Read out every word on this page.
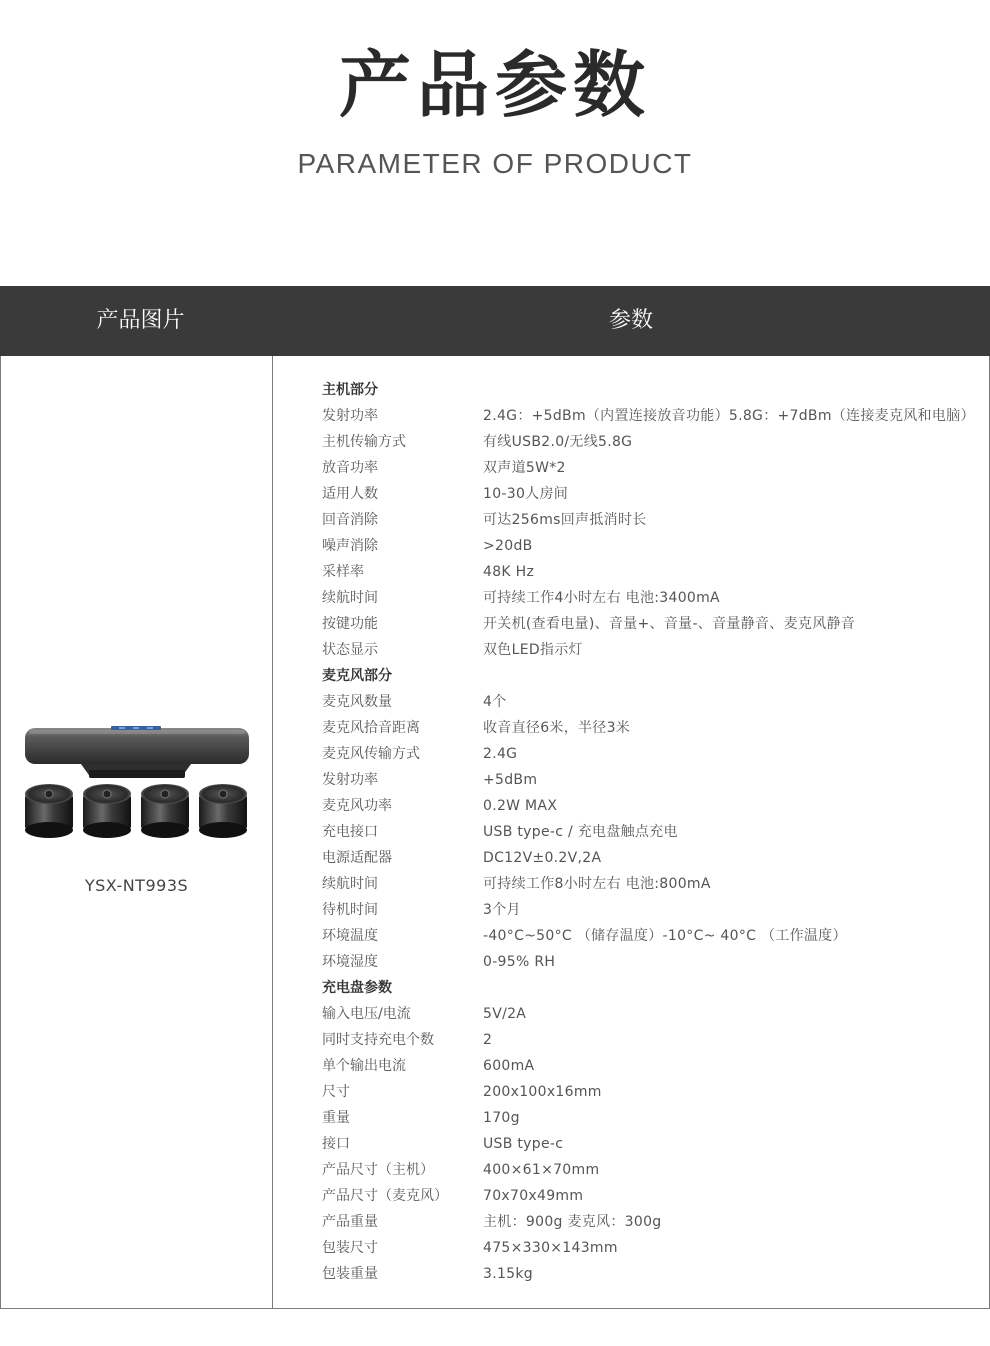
产品参数
PARAMETER OF PRODUCT
产品图片	参数
YSX-NT993S
主机部分
发射功率	2.4G：+5dBm（内置连接放音功能）5.8G：+7dBm（连接麦克风和电脑）
主机传输方式	有线USB2.0/无线5.8G
放音功率	双声道5W*2
适用人数	10-30人房间
回音消除	可达256ms回声抵消时长
噪声消除	>20dB
采样率	48K Hz
续航时间	可持续工作4小时左右 电池:3400mA
按键功能	开关机(查看电量)、音量+、音量-、音量静音、麦克风静音
状态显示	双色LED指示灯
麦克风部分
麦克风数量	4个
麦克风拾音距离	收音直径6米，半径3米
麦克风传输方式	2.4G
发射功率	+5dBm
麦克风功率	0.2W MAX
充电接口	USB type-c / 充电盘触点充电
电源适配器	DC12V±0.2V,2A
续航时间	可持续工作8小时左右 电池:800mA
待机时间	3个月
环境温度	-40°C~50°C （储存温度）-10°C~ 40°C （工作温度）
环境湿度	0-95% RH
充电盘参数
输入电压/电流	5V/2A
同时支持充电个数	2
单个输出电流	600mA
尺寸	200x100x16mm
重量	170g
接口	USB type-c
产品尺寸（主机）	400×61×70mm
产品尺寸（麦克风）	70x70x49mm
产品重量	主机：900g 麦克风：300g
包装尺寸	475×330×143mm
包装重量	3.15kg
